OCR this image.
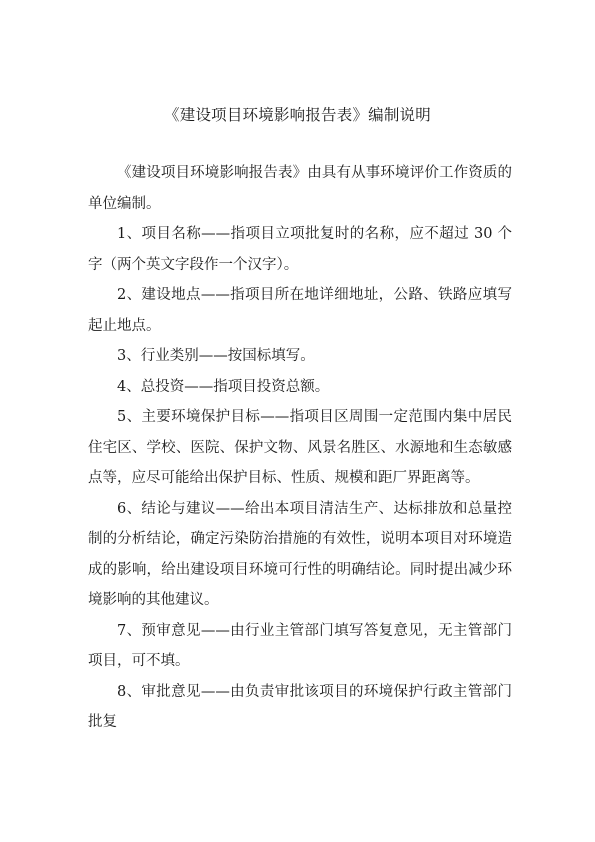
《建设项目环境影响报告表》编制说明

《建设项目环境影响报告表》由具有从事环境评价工作资质的单位编制。

1、项目名称——指项目立项批复时的名称，应不超过 30 个字（两个英文字段作一个汉字）。

2、建设地点——指项目所在地详细地址，公路、铁路应填写起止地点。

3、行业类别——按国标填写。

4、总投资——指项目投资总额。

5、主要环境保护目标——指项目区周围一定范围内集中居民住宅区、学校、医院、保护文物、风景名胜区、水源地和生态敏感点等，应尽可能给出保护目标、性质、规模和距厂界距离等。

6、结论与建议——给出本项目清洁生产、达标排放和总量控制的分析结论，确定污染防治措施的有效性，说明本项目对环境造成的影响，给出建设项目环境可行性的明确结论。同时提出减少环境影响的其他建议。

7、预审意见——由行业主管部门填写答复意见，无主管部门项目，可不填。

8、审批意见——由负责审批该项目的环境保护行政主管部门批复
